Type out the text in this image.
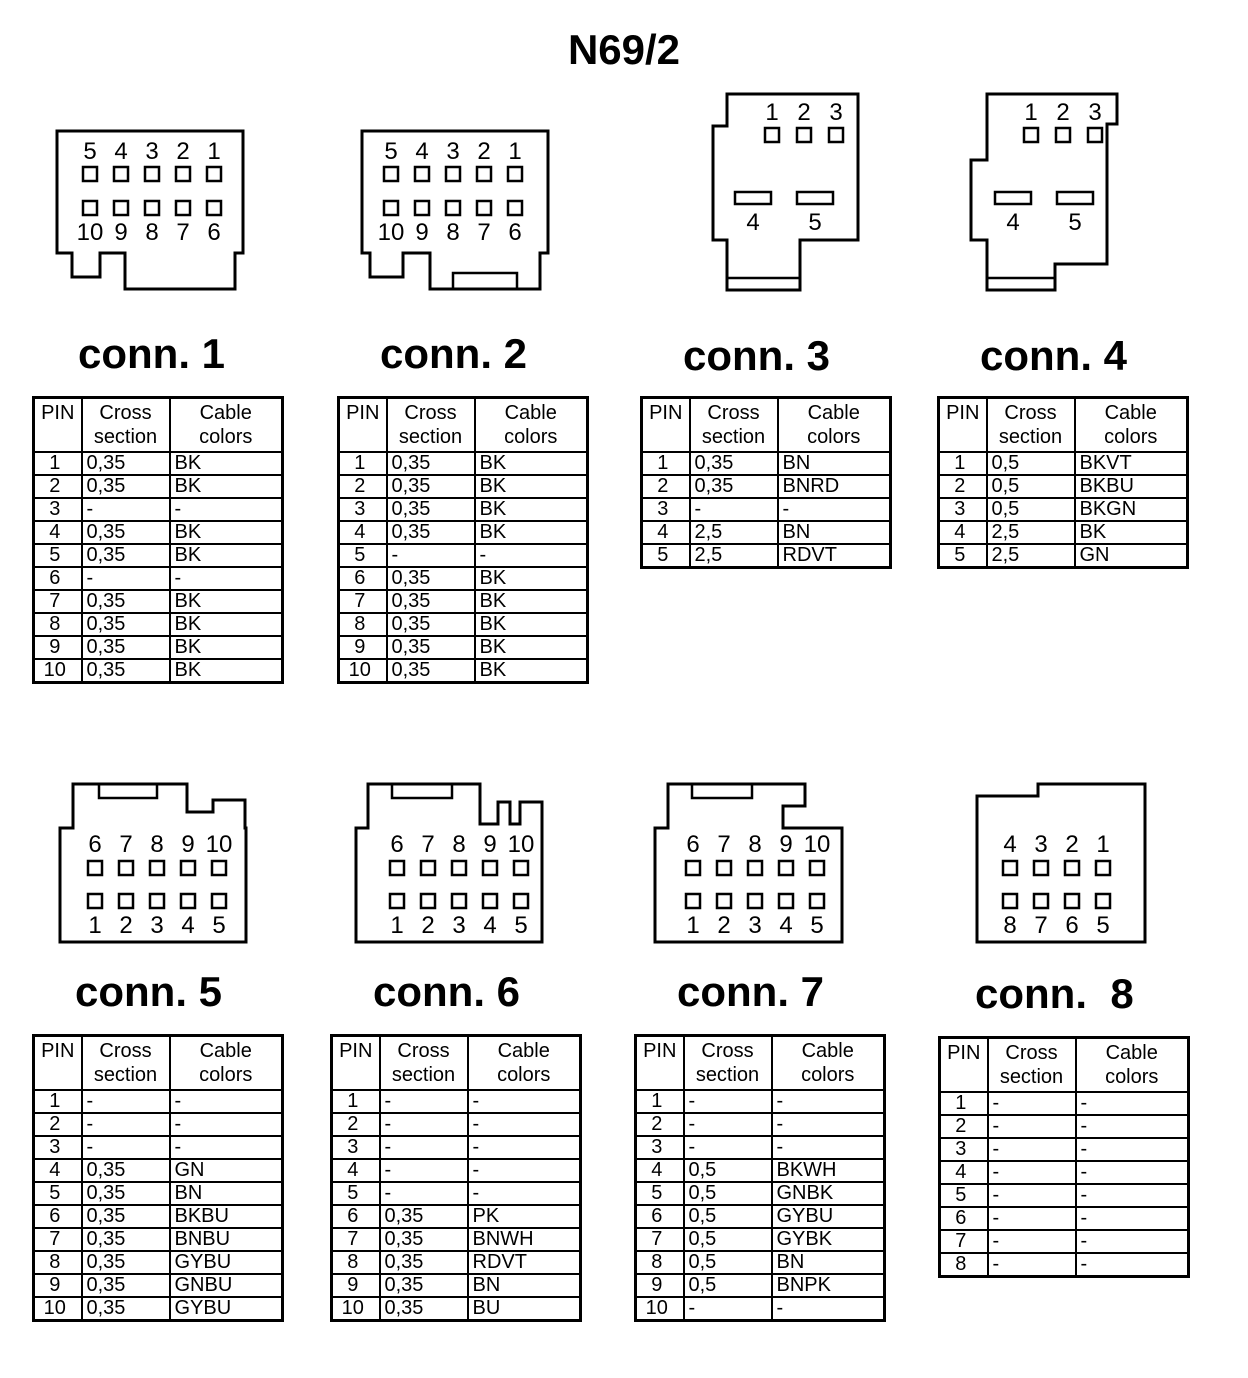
N69/2
5 4 3 2 1
10 9 8 7 6
5 4 3 2 1
10 9 8 7 6
1 2 3
4 5
1 2 3
4 5
6 7 8 9 10
1 2 3 4 5
6 7 8 9 10
1 2 3 4 5
6 7 8 9 10
1 2 3 4 5
4 3 2 1
8 7 6 5
conn. 1	conn. 2	conn. 3	conn. 4
conn. 5	conn. 6	conn. 7	conn.  8
PIN	Cross section	Cable colors
1	0,35	BK
2	0,35	BK
3	-	-
4	0,35	BK
5	0,35	BK
6	-	-
7	0,35	BK
8	0,35	BK
9	0,35	BK
10	0,35	BK
PIN	Cross section	Cable colors
1	0,35	BK
2	0,35	BK
3	0,35	BK
4	0,35	BK
5	-	-
6	0,35	BK
7	0,35	BK
8	0,35	BK
9	0,35	BK
10	0,35	BK
PIN	Cross section	Cable colors
1	0,35	BN
2	0,35	BNRD
3	-	-
4	2,5	BN
5	2,5	RDVT
PIN	Cross section	Cable colors
1	0,5	BKVT
2	0,5	BKBU
3	0,5	BKGN
4	2,5	BK
5	2,5	GN
PIN	Cross section	Cable colors
1	-	-
2	-	-
3	-	-
4	0,35	GN
5	0,35	BN
6	0,35	BKBU
7	0,35	BNBU
8	0,35	GYBU
9	0,35	GNBU
10	0,35	GYBU
PIN	Cross section	Cable colors
1	-	-
2	-	-
3	-	-
4	-	-
5	-	-
6	0,35	PK
7	0,35	BNWH
8	0,35	RDVT
9	0,35	BN
10	0,35	BU
PIN	Cross section	Cable colors
1	-	-
2	-	-
3	-	-
4	0,5	BKWH
5	0,5	GNBK
6	0,5	GYBU
7	0,5	GYBK
8	0,5	BN
9	0,5	BNPK
10	-	-
PIN	Cross section	Cable colors
1	-	-
2	-	-
3	-	-
4	-	-
5	-	-
6	-	-
7	-	-
8	-	-
